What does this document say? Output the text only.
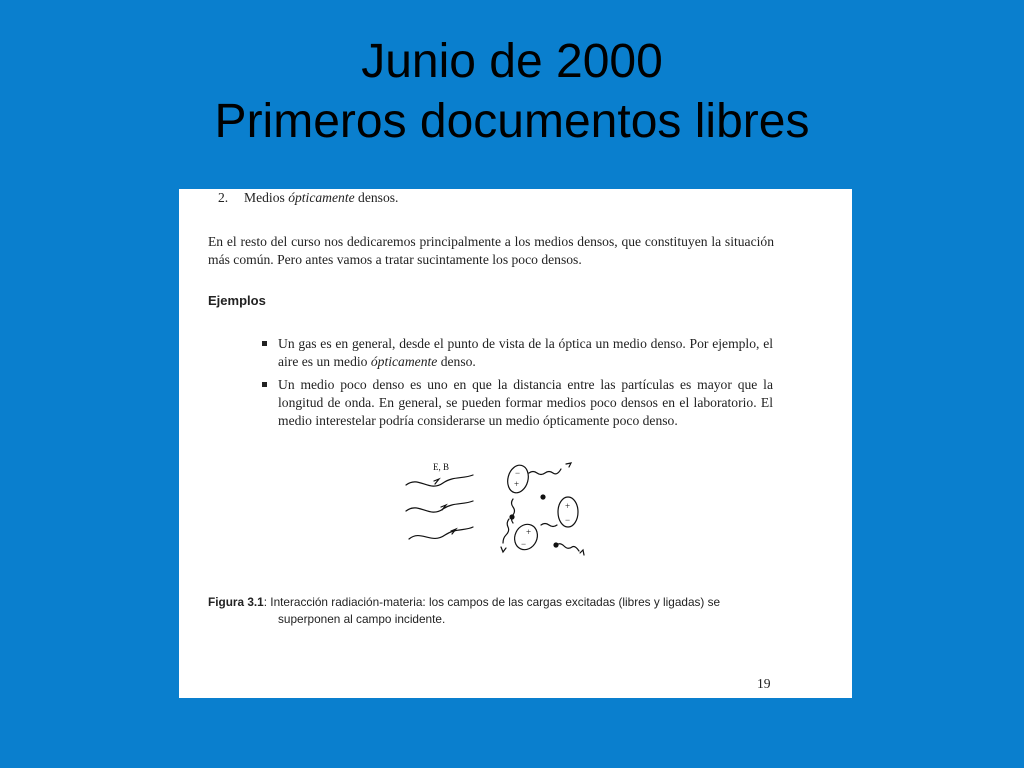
Junio de 2000
Primeros documentos libres
2. Medios ópticamente densos.
En el resto del curso nos dedicaremos principalmente a los medios densos, que constituyen la situación más común. Pero antes vamos a tratar sucintamente los poco densos.
Ejemplos
Un gas es en general, desde el punto de vista de la óptica un medio denso. Por ejemplo, el aire es un medio ópticamente denso.
Un medio poco denso es uno en que la distancia entre las partículas es mayor que la longitud de onda. En general, se pueden formar medios poco densos en el laboratorio. El medio interestelar podría considerarse un medio ópticamente poco denso.
E, B
+
−
−
+
+
−
Figura 3.1: Interacción radiación-materia: los campos de las cargas excitadas (libres y ligadas) se
superponen al campo incidente.
19
